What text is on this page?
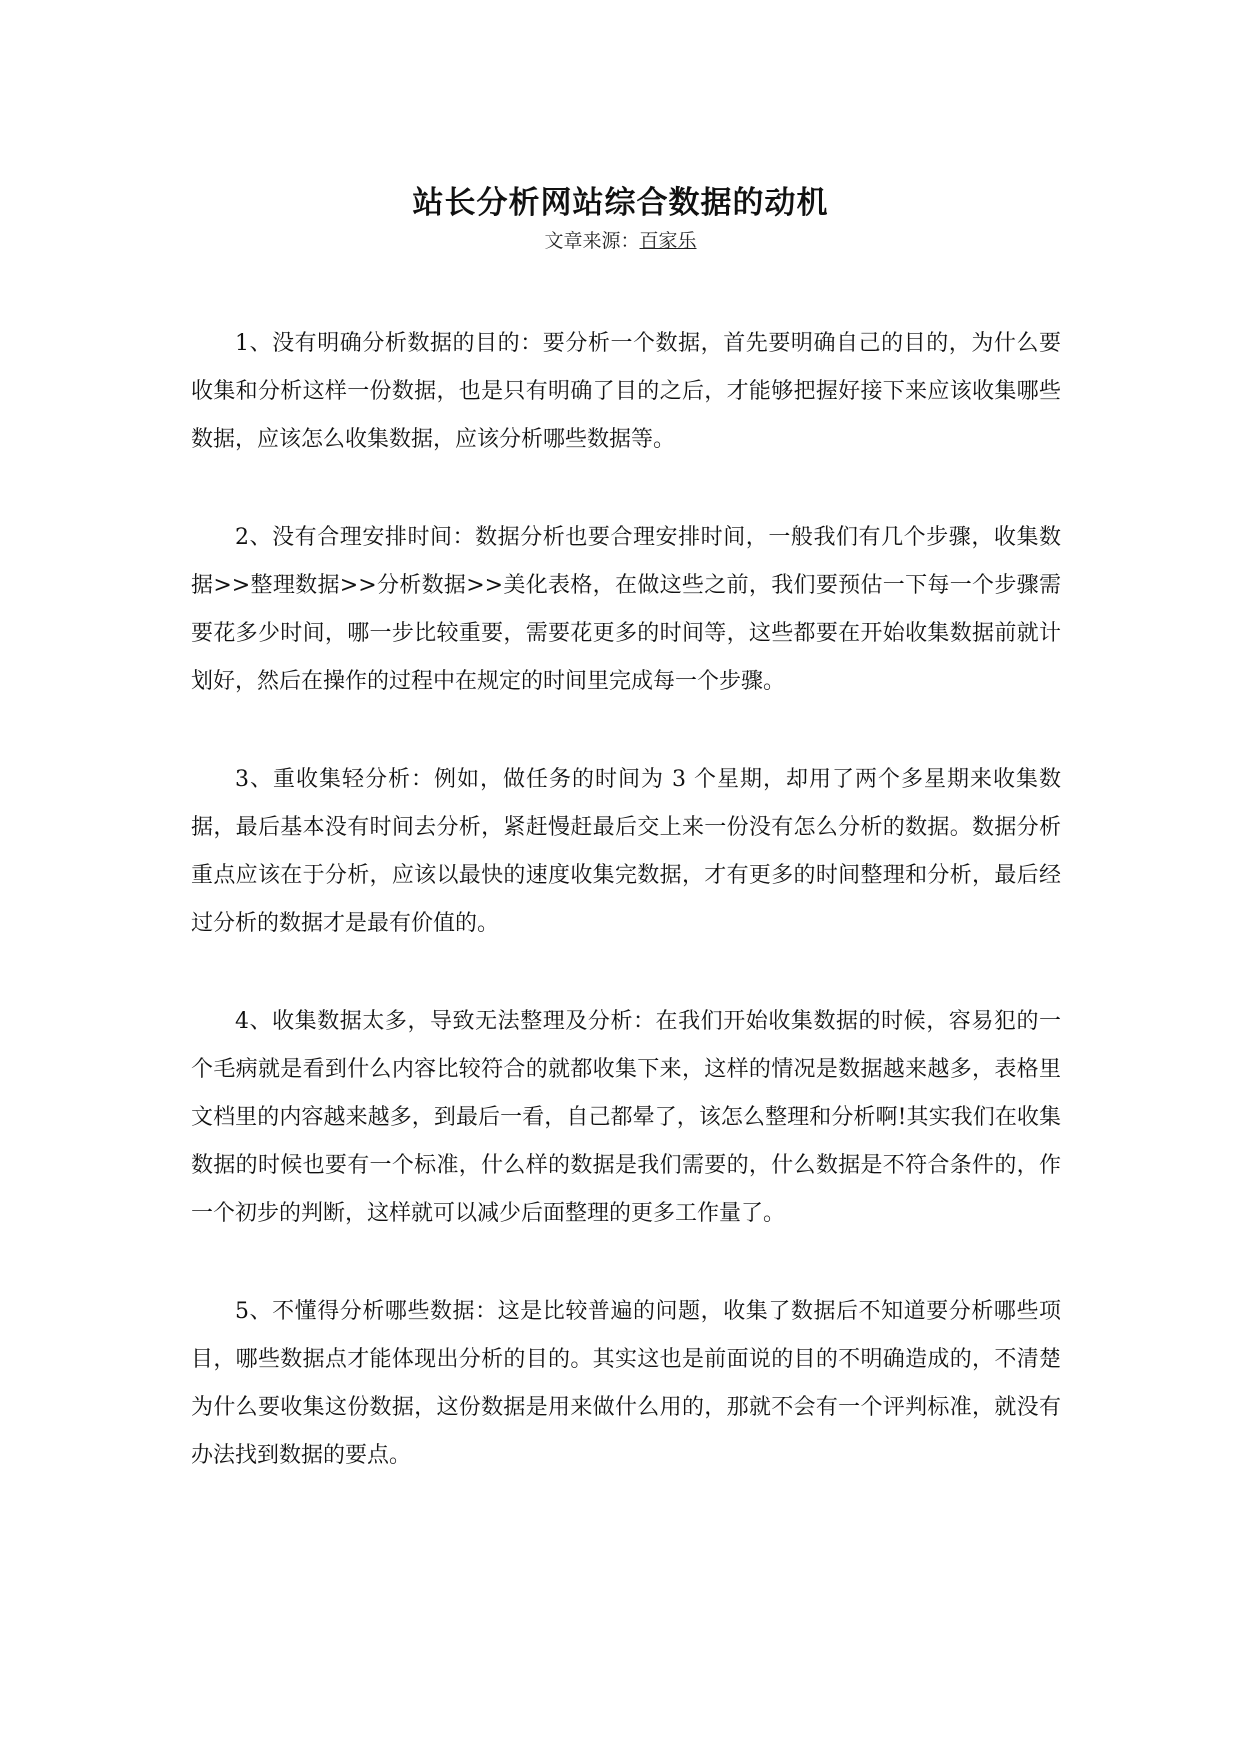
站长分析网站综合数据的动机
文章来源：百家乐

1、没有明确分析数据的目的：要分析一个数据，首先要明确自己的目的，为什么要收集和分析这样一份数据，也是只有明确了目的之后，才能够把握好接下来应该收集哪些数据，应该怎么收集数据，应该分析哪些数据等。

2、没有合理安排时间：数据分析也要合理安排时间，一般我们有几个步骤，收集数据>>整理数据>>分析数据>>美化表格，在做这些之前，我们要预估一下每一个步骤需要花多少时间，哪一步比较重要，需要花更多的时间等，这些都要在开始收集数据前就计划好，然后在操作的过程中在规定的时间里完成每一个步骤。

3、重收集轻分析：例如，做任务的时间为 3 个星期，却用了两个多星期来收集数据，最后基本没有时间去分析，紧赶慢赶最后交上来一份没有怎么分析的数据。数据分析重点应该在于分析，应该以最快的速度收集完数据，才有更多的时间整理和分析，最后经过分析的数据才是最有价值的。

4、收集数据太多，导致无法整理及分析：在我们开始收集数据的时候，容易犯的一个毛病就是看到什么内容比较符合的就都收集下来，这样的情况是数据越来越多，表格里文档里的内容越来越多，到最后一看，自己都晕了，该怎么整理和分析啊!其实我们在收集数据的时候也要有一个标准，什么样的数据是我们需要的，什么数据是不符合条件的，作一个初步的判断，这样就可以减少后面整理的更多工作量了。

5、不懂得分析哪些数据：这是比较普遍的问题，收集了数据后不知道要分析哪些项目，哪些数据点才能体现出分析的目的。其实这也是前面说的目的不明确造成的，不清楚为什么要收集这份数据，这份数据是用来做什么用的，那就不会有一个评判标准，就没有办法找到数据的要点。
